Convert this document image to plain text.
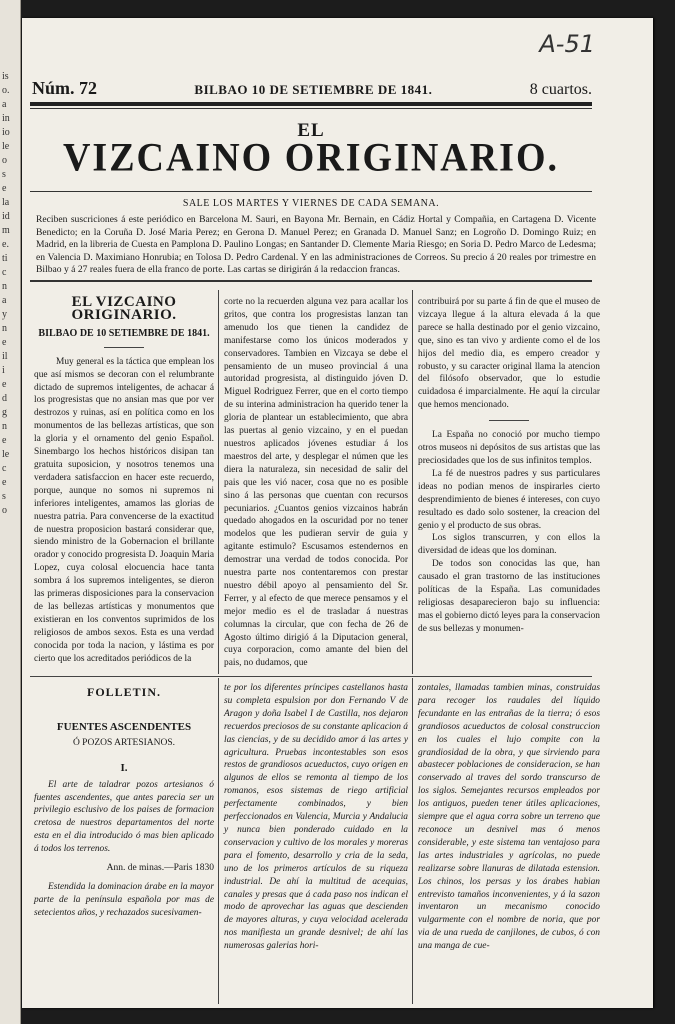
is
o.
a
in
io
le
o
s
e
la
id
m
e.
ti
c
n
a
y
n
e
il
i
e
d
g
n
e
le
c
e
s
o
A-51
Núm. 72	BILBAO 10 DE SETIEMBRE DE 1841.	8 cuartos.
EL
VIZCAINO ORIGINARIO.
SALE LOS MARTES Y VIERNES DE CADA SEMANA.
Reciben suscriciones á este periódico en Barcelona M. Sauri, en Bayona Mr. Bernain, en Cádiz Hortal y Compañia, en Cartagena D. Vicente Benedicto; en la Coruña D. José Maria Perez; en Gerona D. Manuel Perez; en Granada D. Manuel Sanz; en Logroño D. Domingo Ruiz; en Madrid, en la libreria de Cuesta en Pamplona D. Paulino Longas; en Santander D. Clemente Maria Riesgo; en Soria D. Pedro Marco de Ledesma; en Valencia D. Maximiano Honrubia; en Tolosa D. Pedro Cardenal. Y en las administraciones de Correos. Su precio á 20 reales por trimestre en Bilbao y á 27 reales fuera de ella franco de porte. Las cartas se dirigirán á la redaccion francas.
EL VIZCAINO ORIGINARIO.
BILBAO DE 10 SETIEMBRE DE 1841.

Muy general es la táctica que emplean los que así mismos se decoran con el relumbrante dictado de supremos inteligentes, de achacar á los progresistas que no ansian mas que por ver destrozos y ruinas, así en política como en los monumentos de las bellezas artísticas, que son la gloria y el ornamento del genio Español. Sinembargo los hechos históricos disipan tan gratuita suposicion, y nosotros tenemos una verdadera satisfaccion en hacer este recuerdo, porque, aunque no somos ni supremos ni inferiores inteligentes, amamos las glorias de nuestra patria. Para convencerse de la exactitud de nuestra proposicion bastará considerar que, siendo ministro de la Gobernacion el brillante orador y conocido progresista D. Joaquin Maria Lopez, cuya colosal elocuencia hace tanta sombra á los supremos inteligentes, se dieron las primeras disposiciones para la conservacion de las bellezas artísticas y monumentos que existieran en los conventos suprimidos de los religiosos de ambos sexos. Esta es una verdad conocida por toda la nacion, y lástima es por cierto que los acreditados periódicos de la

corte no la recuerden alguna vez para acallar los gritos, que contra los progresistas lanzan tan amenudo los que tienen la candidez de manifestarse como los únicos moderados y conservadores. Tambien en Vizcaya se debe el pensamiento de un museo provincial á una autoridad progresista, al distinguido jóven D. Miguel Rodriguez Ferrer, que en el corto tiempo de su interina administracion ha querido tener la gloria de plantear un establecimiento, que abra las puertas al genio vizcaino, y en el puedan nuestros aplicados jóvenes estudiar á los maestros del arte, y desplegar el númen que les diera la naturaleza, sin necesidad de salir del pais que les vió nacer, cosa que no es posible sino á las personas que cuentan con recursos pecuniarios. ¿Cuantos genios vizcainos habrán quedado ahogados en la oscuridad por no tener modelos que les pudieran servir de guia y agitante estimulo? Escusamos estendernos en demostrar una verdad de todos conocida. Por nuestra parte nos contentaremos con prestar nuestro débil apoyo al pensamiento del Sr. Ferrer, y al efecto de que merece pensamos y el mejor medio es el de trasladar á nuestras columnas la circular, que con fecha de 26 de Agosto último dirigió á la Diputacion general, cuya corporacion, como amante del bien del pais, no dudamos, que

contribuirá por su parte á fin de que el museo de vizcaya llegue á la altura elevada á la que parece se halla destinado por el genio vizcaino, que, sino es tan vivo y ardiente como el de los hijos del medio dia, es empero creador y robusto, y su caracter original llama la atencion del filósofo observador, que lo estudie cuidadosa é imparcialmente. He aquí la circular que hemos mencionado.

La España no conoció por mucho tiempo otros museos ni depósitos de sus artistas que las preciosidades que los de sus infinitos templos.

La fé de nuestros padres y sus particulares ideas no podian menos de inspirarles cierto desprendimiento de bienes é intereses, con cuyo resultado es dado solo sostener, la creacion del genio y el producto de sus obras.

Los siglos transcurren, y con ellos la diversidad de ideas que los dominan.

De todos son conocidas las que, han causado el gran trastorno de las instituciones políticas de la España. Las comunidades religiosas desaparecieron bajo su influencia: mas el gobierno dictó leyes para la conservacion de sus bellezas y monumen-

FOLLETIN.
FUENTES ASCENDENTES
Ó POZOS ARTESIANOS.
I.

El arte de taladrar pozos artesianos ó fuentes ascendentes, que antes parecia ser un privilegio esclusivo de los paises de formacion cretosa de nuestros departamentos del norte esta en el dia introducido ó mas bien aplicado á todos los terrenos.

Ann. de minas.—Paris 1830

Estendida la dominacion árabe en la mayor parte de la península española por mas de setecientos años, y rechazados sucesivamen-

te por los diferentes príncipes castellanos hasta su completa espulsion por don Fernando V de Aragon y doña Isabel I de Castilla, nos dejaron recuerdos preciosos de su constante aplicacion á las ciencias, y de su decidido amor á las artes y agricultura. Pruebas incontestables son esos restos de grandiosos acueductos, cuyo origen en algunos de ellos se remonta al tiempo de los romanos, esos sistemas de riego artificial perfectamente combinados, y bien perfeccionados en Valencia, Murcia y Andalucia y nunca bien ponderado cuidado en la conservacion y cultivo de los morales y moreras para el fomento, desarrollo y cria de la seda, uno de los primeros artículos de su riqueza industrial. De ahí la multitud de acequias, canales y presas que á cada paso nos indican el modo de aprovechar las aguas que descienden de mayores alturas, y cuya velocidad acelerada nos manifiesta un grande desnivel; de ahí las numerosas galerias hori-

zontales, llamadas tambien minas, construidas para recoger los raudales del líquido fecundante en las entrañas de la tierra; ó esos grandiosos acueductos de colosal construccion en los cuales el lujo compite con la grandiosidad de la obra, y que sirviendo para abastecer poblaciones de consideracion, se han conservado al traves del sordo transcurso de los siglos. Semejantes recursos empleados por los antiguos, pueden tener útiles aplicaciones, siempre que el agua corra sobre un terreno que reconoce un desnivel mas ó menos considerable, y este sistema tan ventajoso para las artes industriales y agrícolas, no puede realizarse sobre llanuras de dilatada estension. Los chinos, los persas y los árabes habian entrevisto tamaños inconvenientes, y á la sazon inventaron un mecanismo conocido vulgarmente con el nombre de noria, que por via de una rueda de canjilones, de cubos, ó con una manga de cue-
